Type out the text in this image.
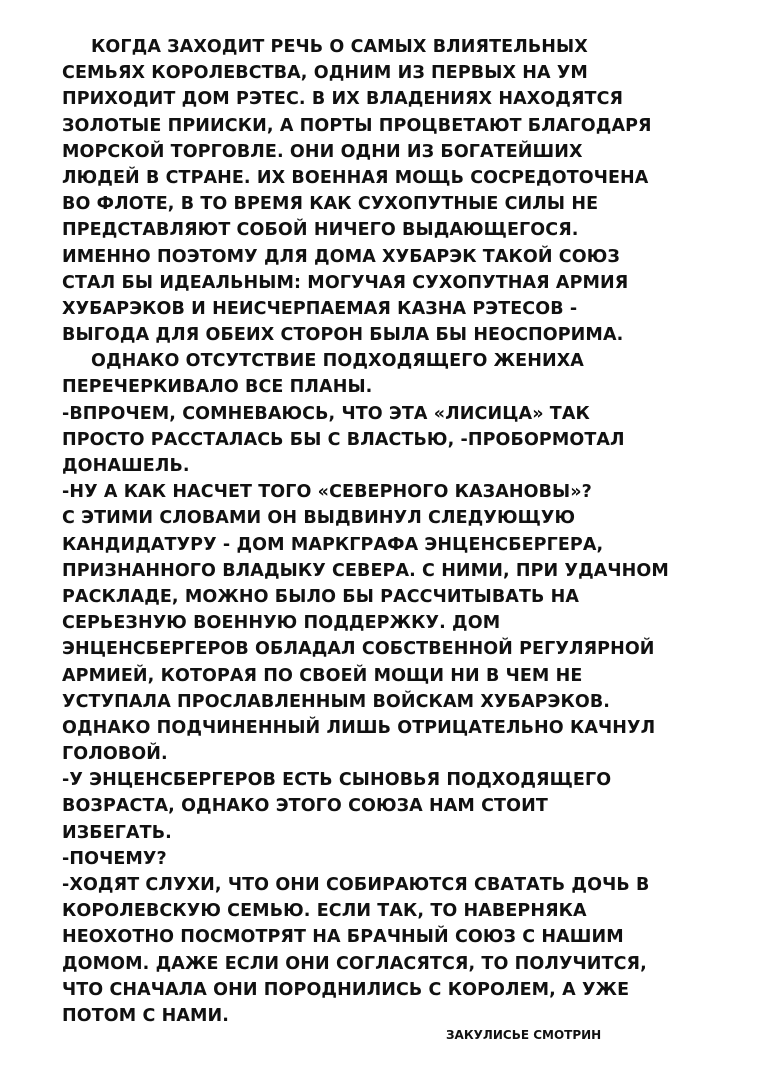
КОГДА ЗАХОДИТ РЕЧЬ О САМЫХ ВЛИЯТЕЛЬНЫХ
СЕМЬЯХ КОРОЛЕВСТВА, ОДНИМ ИЗ ПЕРВЫХ НА УМ
ПРИХОДИТ ДОМ РЭТЕС. В ИХ ВЛАДЕНИЯХ НАХОДЯТСЯ
ЗОЛОТЫЕ ПРИИСКИ, А ПОРТЫ ПРОЦВЕТАЮТ БЛАГОДАРЯ
МОРСКОЙ ТОРГОВЛЕ. ОНИ ОДНИ ИЗ БОГАТЕЙШИХ
ЛЮДЕЙ В СТРАНЕ. ИХ ВОЕННАЯ МОЩЬ СОСРЕДОТОЧЕНА
ВО ФЛОТЕ, В ТО ВРЕМЯ КАК СУХОПУТНЫЕ СИЛЫ НЕ
ПРЕДСТАВЛЯЮТ СОБОЙ НИЧЕГО ВЫДАЮЩЕГОСЯ.
ИМЕННО ПОЭТОМУ ДЛЯ ДОМА ХУБАРЭК ТАКОЙ СОЮЗ
СТАЛ БЫ ИДЕАЛЬНЫМ: МОГУЧАЯ СУХОПУТНАЯ АРМИЯ
ХУБАРЭКОВ И НЕИСЧЕРПАЕМАЯ КАЗНА РЭТЕСОВ -
ВЫГОДА ДЛЯ ОБЕИХ СТОРОН БЫЛА БЫ НЕОСПОРИМА.
ОДНАКО ОТСУТСТВИЕ ПОДХОДЯЩЕГО ЖЕНИХА
ПЕРЕЧЕРКИВАЛО ВСЕ ПЛАНЫ.
-ВПРОЧЕМ, СОМНЕВАЮСЬ, ЧТО ЭТА «ЛИСИЦА» ТАК
ПРОСТО РАССТАЛАСЬ БЫ С ВЛАСТЬЮ, -ПРОБОРМОТАЛ
ДОНАШЕЛЬ.
-НУ А КАК НАСЧЕТ ТОГО «СЕВЕРНОГО КАЗАНОВЫ»?
С ЭТИМИ СЛОВАМИ ОН ВЫДВИНУЛ СЛЕДУЮЩУЮ
КАНДИДАТУРУ - ДОМ МАРКГРАФА ЭНЦЕНСБЕРГЕРА,
ПРИЗНАННОГО ВЛАДЫКУ СЕВЕРА. С НИМИ, ПРИ УДАЧНОМ
РАСКЛАДЕ, МОЖНО БЫЛО БЫ РАССЧИТЫВАТЬ НА
СЕРЬЕЗНУЮ ВОЕННУЮ ПОДДЕРЖКУ. ДОМ
ЭНЦЕНСБЕРГЕРОВ ОБЛАДАЛ СОБСТВЕННОЙ РЕГУЛЯРНОЙ
АРМИЕЙ, КОТОРАЯ ПО СВОЕЙ МОЩИ НИ В ЧЕМ НЕ
УСТУПАЛА ПРОСЛАВЛЕННЫМ ВОЙСКАМ ХУБАРЭКОВ.
ОДНАКО ПОДЧИНЕННЫЙ ЛИШЬ ОТРИЦАТЕЛЬНО КАЧНУЛ
ГОЛОВОЙ.
-У ЭНЦЕНСБЕРГЕРОВ ЕСТЬ СЫНОВЬЯ ПОДХОДЯЩЕГО
ВОЗРАСТА, ОДНАКО ЭТОГО СОЮЗА НАМ СТОИТ
ИЗБЕГАТЬ.
-ПОЧЕМУ?
-ХОДЯТ СЛУХИ, ЧТО ОНИ СОБИРАЮТСЯ СВАТАТЬ ДОЧЬ В
КОРОЛЕВСКУЮ СЕМЬЮ. ЕСЛИ ТАК, ТО НАВЕРНЯКА
НЕОХОТНО ПОСМОТРЯТ НА БРАЧНЫЙ СОЮЗ С НАШИМ
ДОМОМ. ДАЖЕ ЕСЛИ ОНИ СОГЛАСЯТСЯ, ТО ПОЛУЧИТСЯ,
ЧТО СНАЧАЛА ОНИ ПОРОДНИЛИСЬ С КОРОЛЕМ, А УЖЕ
ПОТОМ С НАМИ.
ЗАКУЛИСЬЕ СМОТРИН
